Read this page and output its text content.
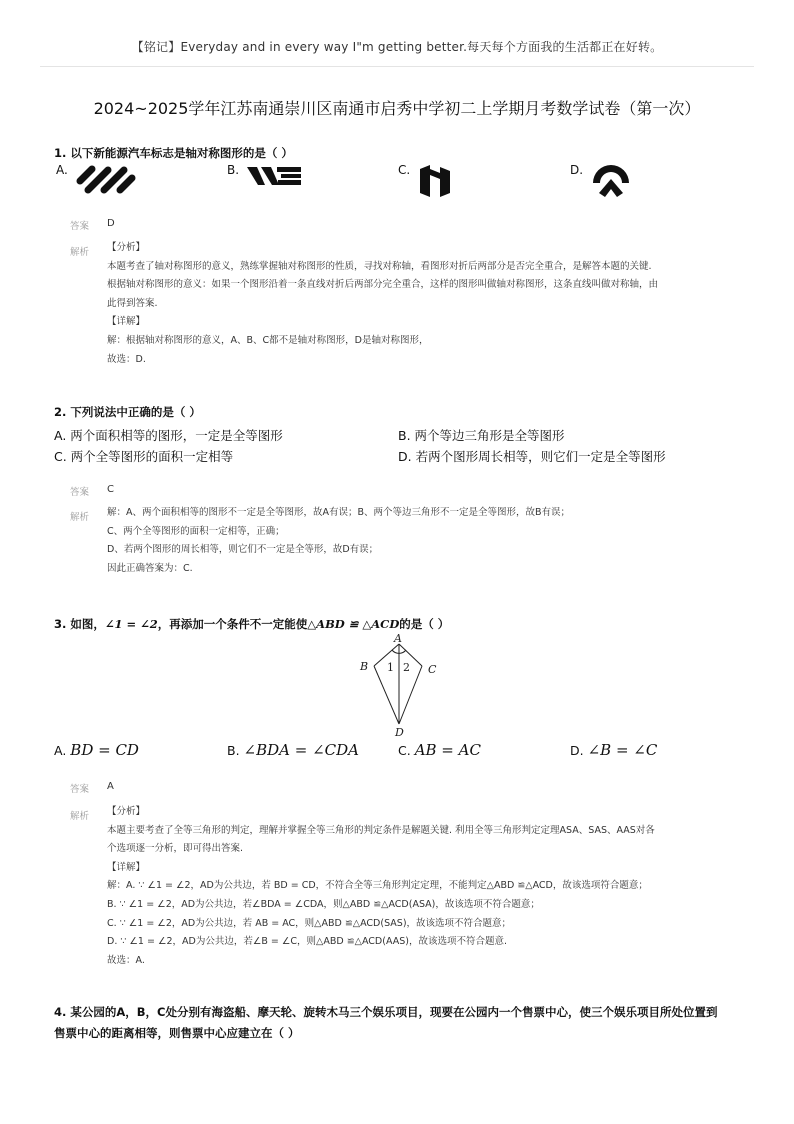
【铭记】Everyday and in every way I"m getting better.每天每个方面我的生活都正在好转。
2024~2025学年江苏南通崇川区南通市启秀中学初二上学期月考数学试卷（第一次）
1. 以下新能源汽车标志是轴对称图形的是（ ）
A.	B.	C.	D.
答案 D
解析 【分析】
本题考查了轴对称图形的意义，熟练掌握轴对称图形的性质，寻找对称轴，看图形对折后两部分是否完全重合，是解答本题的关键.
根据轴对称图形的意义：如果一个图形沿着一条直线对折后两部分完全重合，这样的图形叫做轴对称图形，这条直线叫做对称轴，由
此得到答案.
【详解】
解：根据轴对称图形的意义，A、B、C都不是轴对称图形，D是轴对称图形，
故选：D.
2. 下列说法中正确的是（ ）
A. 两个面积相等的图形，一定是全等图形	B. 两个等边三角形是全等图形
C. 两个全等图形的面积一定相等	D. 若两个图形周长相等，则它们一定是全等图形
答案 C
解析 解：A、两个面积相等的图形不一定是全等图形，故A有误；B、两个等边三角形不一定是全等图形，故B有误；
C、两个全等图形的面积一定相等，正确；
D、若两个图形的周长相等，则它们不一定是全等形，故D有误；
因此正确答案为：C.
3. 如图，∠1 = ∠2，再添加一个条件不一定能使△ABD ≌ △ACD的是（ ）
A
B	C
D
1 2
A. BD = CD	B. ∠BDA = ∠CDA	C. AB = AC	D. ∠B = ∠C
答案 A
解析 【分析】
本题主要考查了全等三角形的判定，理解并掌握全等三角形的判定条件是解题关键. 利用全等三角形判定定理ASA、SAS、AAS对各
个选项逐一分析，即可得出答案.
【详解】
解：A. ∵ ∠1 = ∠2，AD为公共边，若 BD = CD，不符合全等三角形判定定理，不能判定△ABD ≌△ACD，故该选项符合题意；
B. ∵ ∠1 = ∠2，AD为公共边，若∠BDA = ∠CDA，则△ABD ≌△ACD(ASA)，故该选项不符合题意；
C. ∵ ∠1 = ∠2，AD为公共边，若 AB = AC，则△ABD ≌△ACD(SAS)，故该选项不符合题意；
D. ∵ ∠1 = ∠2，AD为公共边，若∠B = ∠C，则△ABD ≌△ACD(AAS)，故该选项不符合题意.
故选：A.
4. 某公园的A，B，C处分别有海盗船、摩天轮、旋转木马三个娱乐项目，现要在公园内一个售票中心，使三个娱乐项目所处位置到
售票中心的距离相等，则售票中心应建立在（ ）
